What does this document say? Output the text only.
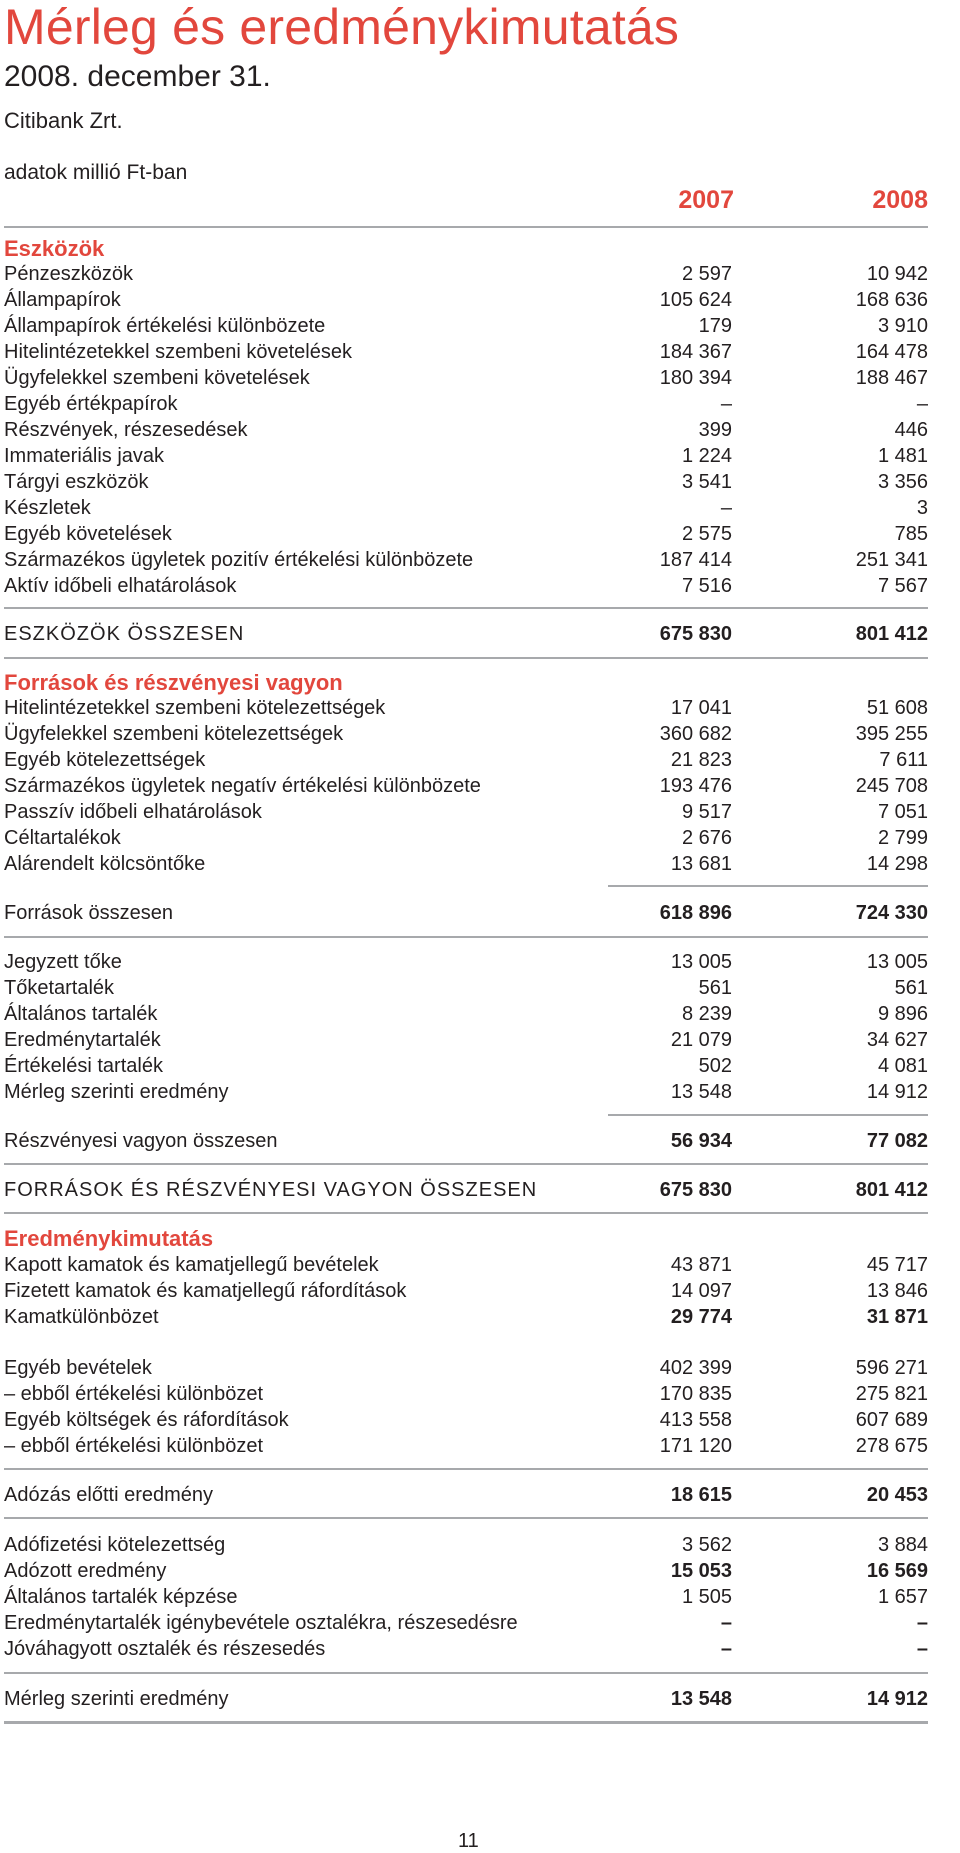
Mérleg és eredménykimutatás
2008. december 31.
Citibank Zrt.
adatok millió Ft-ban
2007	2008
Eszközök
Pénzeszközök	2 597	10 942
Állampapírok	105 624	168 636
Állampapírok értékelési különbözete	179	3 910
Hitelintézetekkel szembeni követelések	184 367	164 478
Ügyfelekkel szembeni követelések	180 394	188 467
Egyéb értékpapírok	–	–
Részvények, részesedések	399	446
Immateriális javak	1 224	1 481
Tárgyi eszközök	3 541	3 356
Készletek	–	3
Egyéb követelések	2 575	785
Származékos ügyletek pozitív értékelési különbözete	187 414	251 341
Aktív időbeli elhatárolások	7 516	7 567
ESZKÖZÖK ÖSSZESEN	675 830	801 412
Források és részvényesi vagyon
Hitelintézetekkel szembeni kötelezettségek	17 041	51 608
Ügyfelekkel szembeni kötelezettségek	360 682	395 255
Egyéb kötelezettségek	21 823	7 611
Származékos ügyletek negatív értékelési különbözete	193 476	245 708
Passzív időbeli elhatárolások	9 517	7 051
Céltartalékok	2 676	2 799
Alárendelt kölcsöntőke	13 681	14 298
Források összesen	618 896	724 330
Jegyzett tőke	13 005	13 005
Tőketartalék	561	561
Általános tartalék	8 239	9 896
Eredménytartalék	21 079	34 627
Értékelési tartalék	502	4 081
Mérleg szerinti eredmény	13 548	14 912
Részvényesi vagyon összesen	56 934	77 082
FORRÁSOK ÉS RÉSZVÉNYESI VAGYON ÖSSZESEN	675 830	801 412
Eredménykimutatás
Kapott kamatok és kamatjellegű bevételek	43 871	45 717
Fizetett kamatok és kamatjellegű ráfordítások	14 097	13 846
Kamatkülönbözet	29 774	31 871
Egyéb bevételek	402 399	596 271
– ebből értékelési különbözet	170 835	275 821
Egyéb költségek és ráfordítások	413 558	607 689
– ebből értékelési különbözet	171 120	278 675
Adózás előtti eredmény	18 615	20 453
Adófizetési kötelezettség	3 562	3 884
Adózott eredmény	15 053	16 569
Általános tartalék képzése	1 505	1 657
Eredménytartalék igénybevétele osztalékra, részesedésre	–	–
Jóváhagyott osztalék és részesedés	–	–
Mérleg szerinti eredmény	13 548	14 912
11
